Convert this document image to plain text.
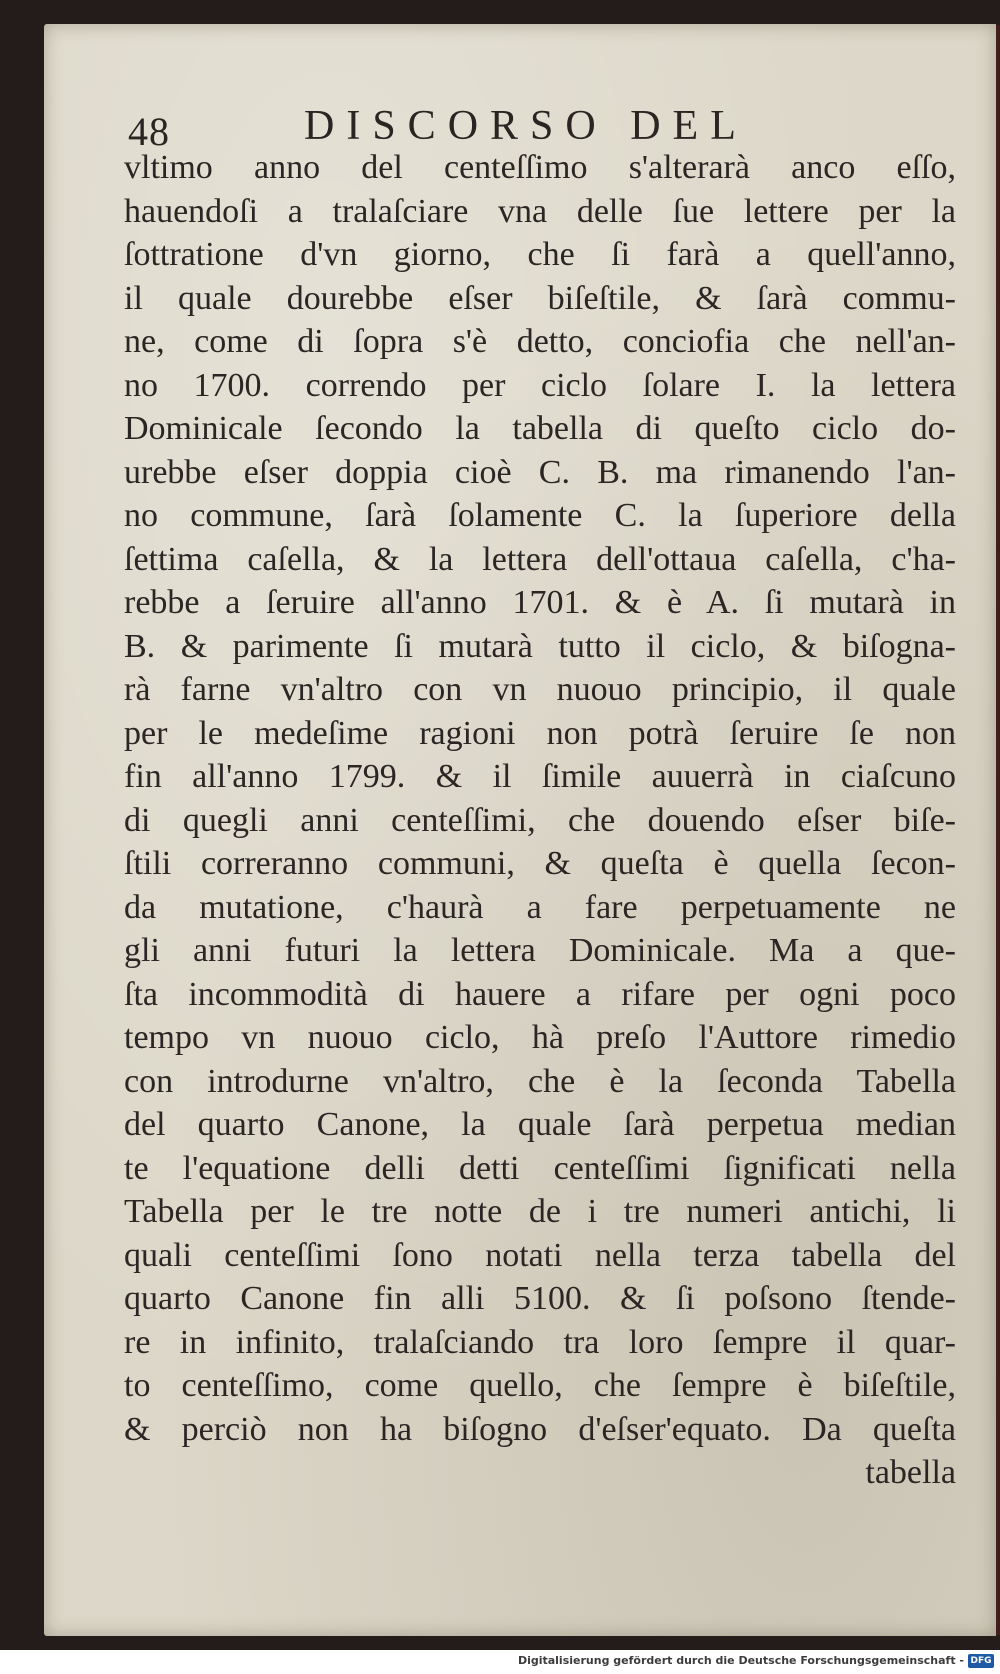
48	DISCORSO DEL
vltimo anno del centeſſimo s'alterarà anco eſſo,
hauendoſi a tralaſciare vna delle ſue lettere per la
ſottratione d'vn giorno, che ſi farà a quell'anno,
il quale dourebbe eſser biſeſtile, & ſarà commu-
ne, come di ſopra s'è detto, conciofia che nell'an-
no 1700. correndo per ciclo ſolare I. la lettera
Dominicale ſecondo la tabella di queſto ciclo do-
urebbe eſser doppia cioè C. B. ma rimanendo l'an-
no commune, ſarà ſolamente C. la ſuperiore della
ſettima caſella, & la lettera dell'ottaua caſella, c'ha-
rebbe a ſeruire all'anno 1701. & è A. ſi mutarà in
B. & parimente ſi mutarà tutto il ciclo, & biſogna-
rà farne vn'altro con vn nuouo principio, il quale
per le medeſime ragioni non potrà ſeruire ſe non
fin all'anno 1799. & il ſimile auuerrà in ciaſcuno
di quegli anni centeſſimi, che douendo eſser biſe-
ſtili correranno communi, & queſta è quella ſecon-
da mutatione, c'haurà a fare perpetuamente ne
gli anni futuri la lettera Dominicale. Ma a que-
ſta incommodità di hauere a rifare per ogni poco
tempo vn nuouo ciclo, hà preſo l'Auttore rimedio
con introdurne vn'altro, che è la ſeconda Tabella
del quarto Canone, la quale ſarà perpetua median
te l'equatione delli detti centeſſimi ſignificati nella
Tabella per le tre notte de i tre numeri antichi, li
quali centeſſimi ſono notati nella terza tabella del
quarto Canone fin alli 5100. & ſi poſsono ſtende-
re in infinito, tralaſciando tra loro ſempre il quar-
to centeſſimo, come quello, che ſempre è biſeſtile,
& perciò non ha biſogno d'eſser'equato. Da queſta
tabella
Digitalisierung gefördert durch die Deutsche Forschungsgemeinschaft - DFG
